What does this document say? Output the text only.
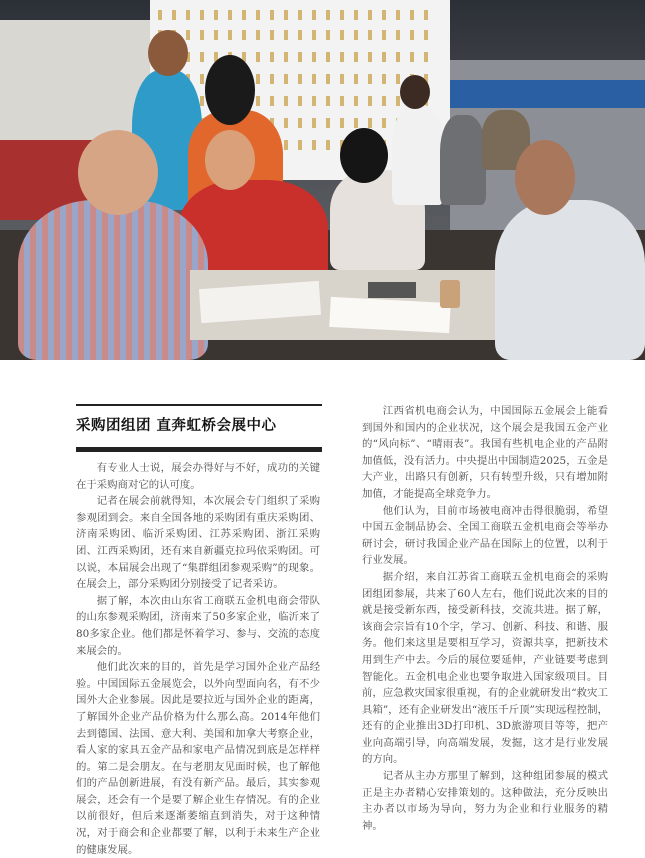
采购团组团 直奔虹桥会展中心

有专业人士说，展会办得好与不好，成功的关键在于采购商对它的认可度。

记者在展会前就得知，本次展会专门组织了采购参观团到会。来自全国各地的采购团有重庆采购团、济南采购团、临沂采购团、江苏采购团、浙江采购团、江西采购团，还有来自新疆克拉玛依采购团。可以说，本届展会出现了“集群组团参观采购”的现象。在展会上，部分采购团分别接受了记者采访。

据了解，本次由山东省工商联五金机电商会带队的山东参观采购团，济南来了50多家企业，临沂来了80多家企业。他们都是怀着学习、参与、交流的态度来展会的。

他们此次来的目的，首先是学习国外企业产品经验。中国国际五金展览会，以外向型面向名，有不少国外大企业参展。因此是要拉近与国外企业的距离，了解国外企业产品价格为什么那么高。2014年他们去到德国、法国、意大利、美国和加拿大考察企业，看人家的家具五金产品和家电产品情况到底是怎样样的。第二是会朋友。在与老朋友见面时候，也了解他们的产品创新进展，有没有新产品。最后，其实参观展会，还会有一个是要了解企业生存情况。有的企业以前很好，但后来逐渐萎缩直到消失，对于这种情况，对于商会和企业都要了解，以利于未来生产企业的健康发展。

江西省机电商会认为，中国国际五金展会上能看到国外和国内的企业状况，这个展会是我国五金产业的“风向标”、“晴雨表”。我国有些机电企业的产品附加值低，没有活力。中央提出中国制造2025，五金是大产业，出路只有创新，只有转型升级，只有增加附加值，才能提高全球竞争力。

他们认为，目前市场被电商冲击得很脆弱，希望中国五金制品协会、全国工商联五金机电商会等举办研讨会，研讨我国企业产品在国际上的位置，以利于行业发展。

据介绍，来自江苏省工商联五金机电商会的采购团组团参展，共来了60人左右，他们说此次来的目的就是接受新东西，接受新科技，交流共进。据了解，该商会宗旨有10个字，学习、创新、科技、和谐、服务。他们来这里是要相互学习，资源共享，把新技术用到生产中去。今后的展位要延伸，产业链要考虑到智能化。五金机电企业也要争取进入国家级项目。目前，应急救灾国家很重视，有的企业就研发出“救灾工具箱”，还有企业研发出“液压千斤顶”实现远程控制，还有的企业推出3D打印机、3D旅游项目等等，把产业向高端引导，向高端发展，发掘，这才是行业发展的方向。

记者从主办方那里了解到，这种组团参展的模式正是主办者精心安排策划的。这种做法，充分反映出主办者以市场为导向，努力为企业和行业服务的精神。
